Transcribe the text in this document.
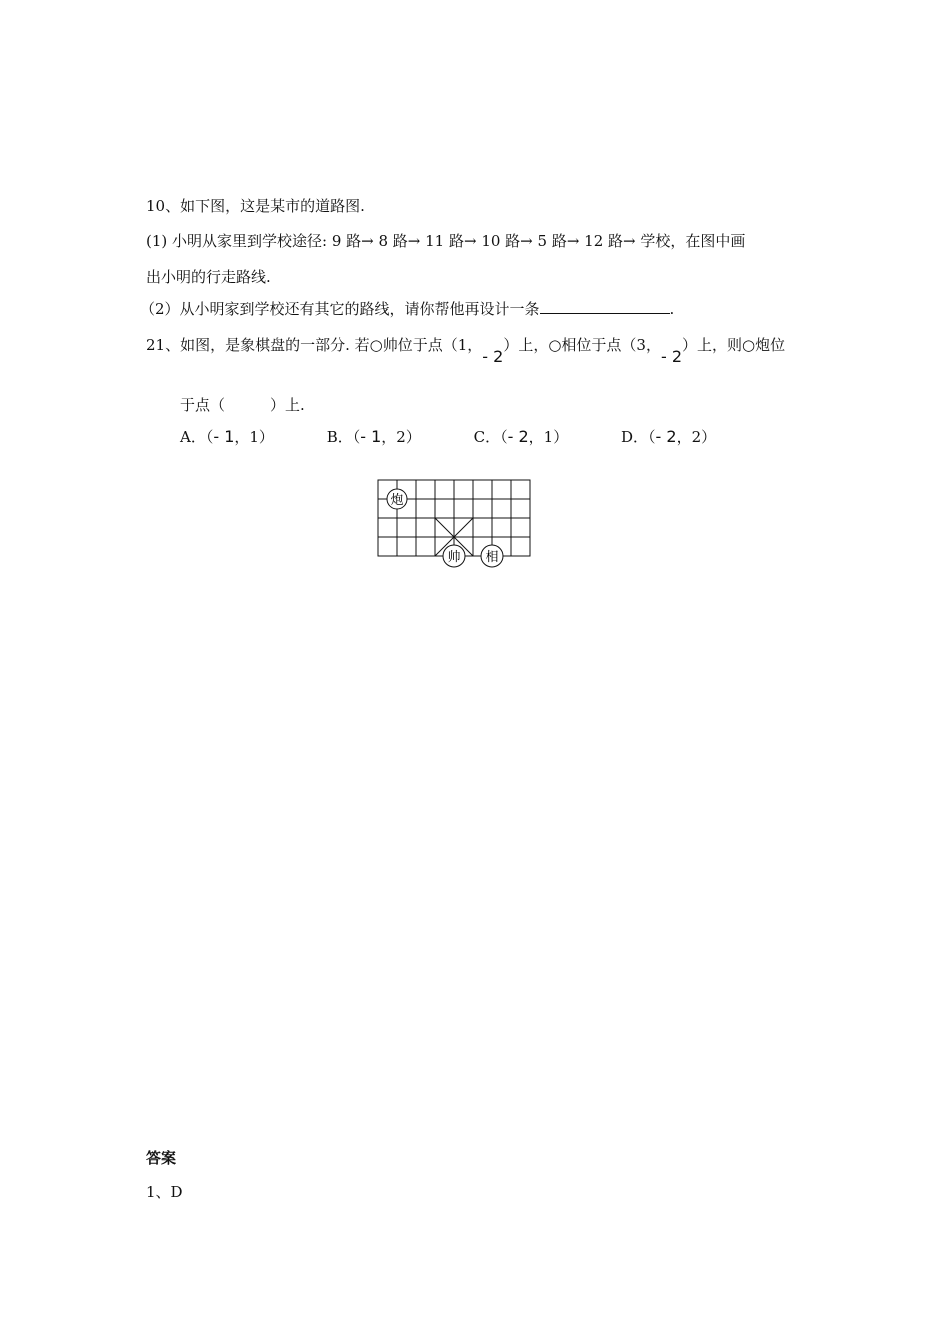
10、如下图，这是某市的道路图.
(1) 小明从家里到学校途径: 9 路→ 8 路→ 11 路→ 10 路→ 5 路→ 12 路→ 学校，在图中画
出小明的行走路线.
（2）从小明家到学校还有其它的路线，请你帮他再设计一条	.
21、如图，是象棋盘的一部分. 若○帅位于点（1，- 2）上，○相位于点（3，- 2）上，则○炮位
于点（　　　）上.
A．（- 1，1）	B．（- 1，2）	C．（- 2，1）	D．（- 2，2）
炮
帅 相
答案
1、D
